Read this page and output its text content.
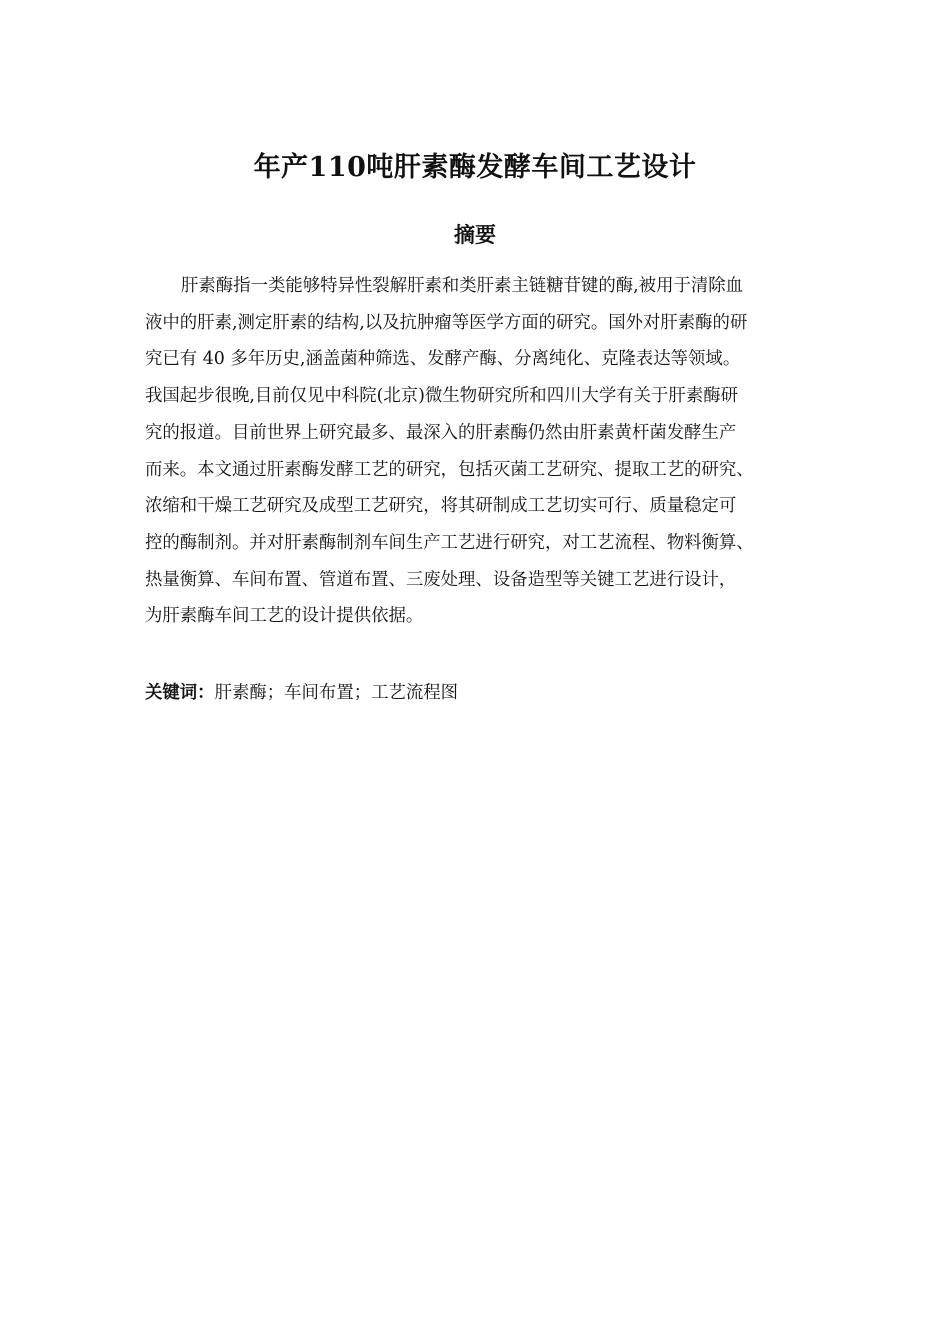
年产110吨肝素酶发酵车间工艺设计
摘要

肝素酶指一类能够特异性裂解肝素和类肝素主链糖苷键的酶,被用于清除血

液中的肝素,测定肝素的结构,以及抗肿瘤等医学方面的研究。国外对肝素酶的研

究已有 40 多年历史,涵盖菌种筛选、发酵产酶、分离纯化、克隆表达等领域。

我国起步很晚,目前仅见中科院(北京)微生物研究所和四川大学有关于肝素酶研

究的报道。目前世界上研究最多、最深入的肝素酶仍然由肝素黄杆菌发酵生产

而来。本文通过肝素酶发酵工艺的研究，包括灭菌工艺研究、提取工艺的研究、

浓缩和干燥工艺研究及成型工艺研究，将其研制成工艺切实可行、质量稳定可

控的酶制剂。并对肝素酶制剂车间生产工艺进行研究，对工艺流程、物料衡算、

热量衡算、车间布置、管道布置、三废处理、设备造型等关键工艺进行设计，

为肝素酶车间工艺的设计提供依据。

关键词：肝素酶；车间布置；工艺流程图
